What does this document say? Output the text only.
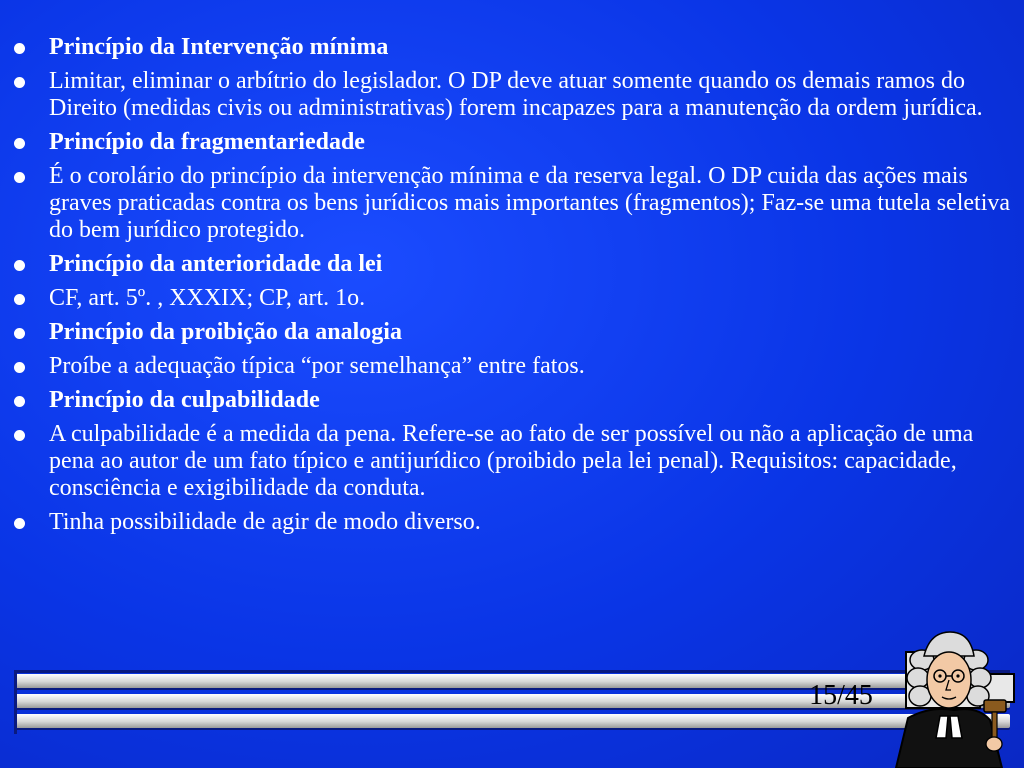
Princípio da Intervenção mínima
Limitar, eliminar o arbítrio do legislador. O DP deve atuar somente quando os demais ramos do Direito (medidas civis ou administrativas) forem incapazes para a manutenção da ordem jurídica.
Princípio da fragmentariedade
É o corolário do princípio da intervenção mínima e da reserva legal. O DP cuida das ações mais graves praticadas contra os bens jurídicos mais importantes (fragmentos); Faz-se uma tutela seletiva do bem jurídico protegido.
Princípio da anterioridade da lei
CF, art. 5º. , XXXIX; CP, art. 1o.
Princípio da proibição da analogia
Proíbe a adequação típica “por semelhança” entre fatos.
Princípio da culpabilidade
A culpabilidade é a medida da pena. Refere-se ao fato de ser possível ou não a aplicação de uma pena ao autor de um fato típico e antijurídico (proibido pela lei penal). Requisitos: capacidade, consciência e exigibilidade da conduta.
Tinha possibilidade de agir de modo diverso.
15/45
